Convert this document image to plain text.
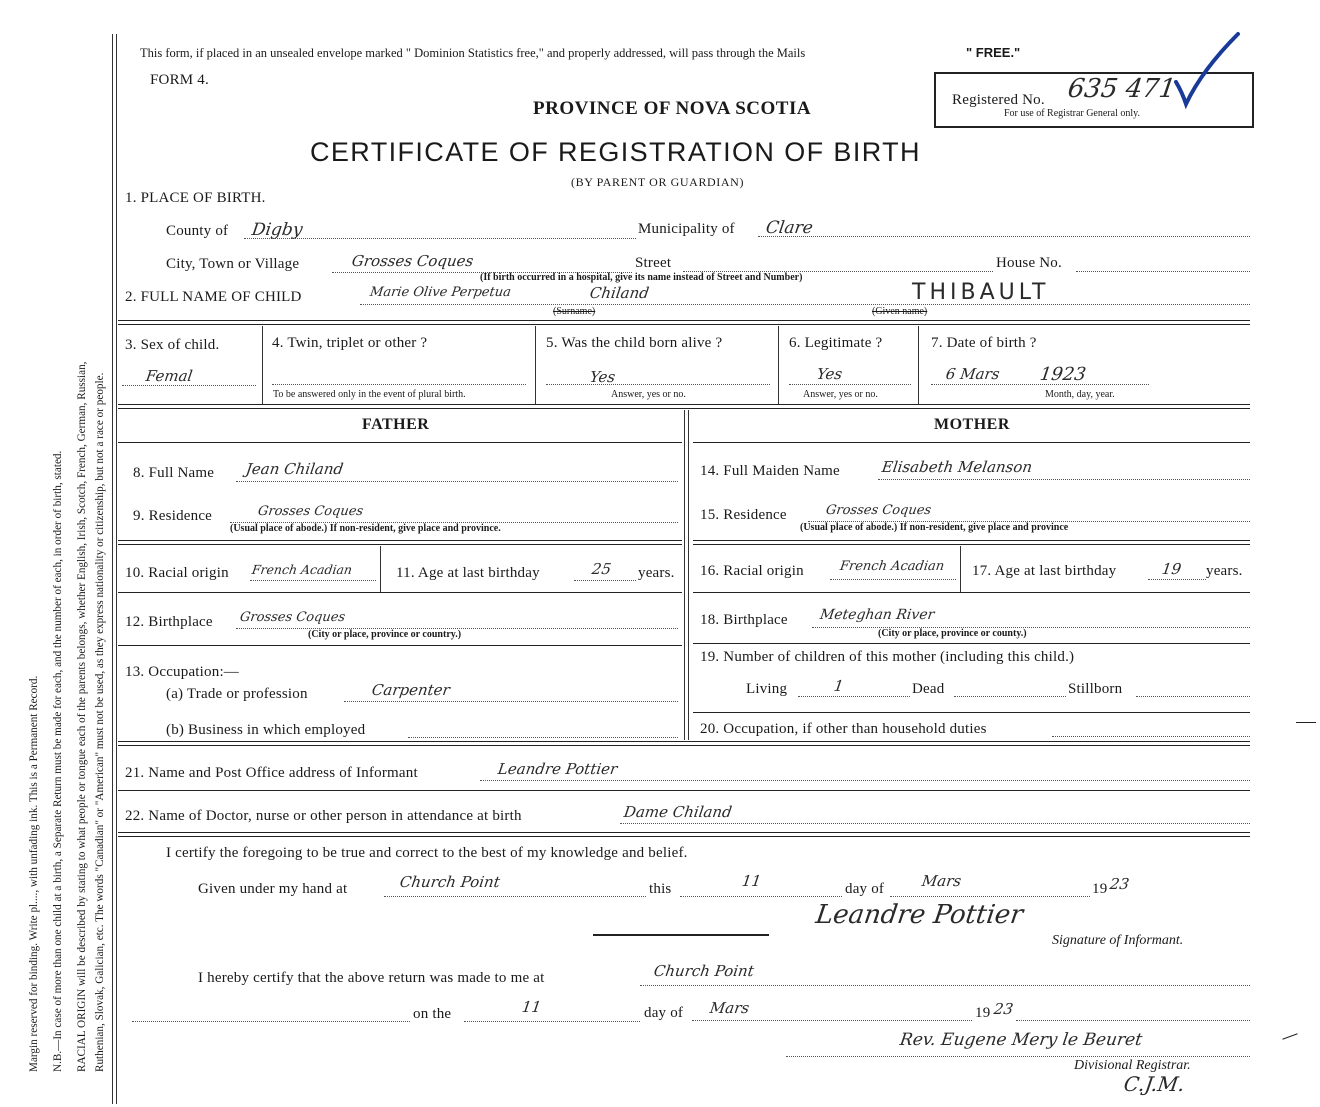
Margin reserved for binding. Write pl...., with unfading ink. This is a Permanent Record. N.B.—In case of more than one child at a birth, a Separate Return must be made for each, and the number of each, in order of birth, stated. RACIAL ORIGIN will be described by stating to what people or tongue each of the parents belongs, whether English, Irish, Scotch, French, German, Russian, Ruthenian, Slovak, Galician, etc. The words "Canadian" or "American" must not be used, as they express nationality or citizenship, but not a race or people.
This form, if placed in an unsealed envelope marked " Dominion Statistics free," and properly addressed, will pass through the Mails	" FREE."
FORM 4.
PROVINCE OF NOVA SCOTIA
CERTIFICATE OF REGISTRATION OF BIRTH
(BY PARENT OR GUARDIAN)
Registered No. 635 471
For use of Registrar General only.
1. PLACE OF BIRTH.
County of Digby	Municipality of Clare
City, Town or Village	Grosses Coques	Street	House No.
(If birth occurred in a hospital, give its name instead of Street and Number)
2. FULL NAME OF CHILD	Marie Olive Perpetua	Chiland	THIBAULT
(Surname)	(Given name)
3. Sex of child.
Femal
4. Twin, triplet or other ?
To be answered only in the event of plural birth.
5. Was the child born alive ?
Yes
Answer, yes or no.
6. Legitimate ?
Yes
Answer, yes or no.
7. Date of birth ?
6 Mars 1923
Month, day, year.
FATHER
8. Full Name Jean Chiland
9. Residence	Grosses Coques
(Usual place of abode.) If non-resident, give place and province.
10. Racial origin French Acadian	11. Age at last birthday	25 years.
12. Birthplace Grosses Coques
(City or place, province or country.)
13. Occupation:—
(a) Trade or profession	Carpenter
(b) Business in which employed
MOTHER
14. Full Maiden Name	Elisabeth Melanson
15. Residence	Grosses Coques
(Usual place of abode.) If non-resident, give place and province
16. Racial origin	French Acadian 17. Age at last birthday	19 years.
18. Birthplace Meteghan River
(City or place, province or county.)
19. Number of children of this mother (including this child.)
Living	1	Dead	Stillborn
20. Occupation, if other than household duties
21. Name and Post Office address of Informant	Leandre Pottier
22. Name of Doctor, nurse or other person in attendance at birth	Dame Chiland
I certify the foregoing to be true and correct to the best of my knowledge and belief.
Given under my hand at	Church Point	this	11	day of Mars	19 23
Leandre Pottier
Signature of Informant.
I hereby certify that the above return was made to me at	Church Point
on the	11	day of Mars	19 23
Rev. Eugene Mery le Beuret
Divisional Registrar.
C.J.M.
